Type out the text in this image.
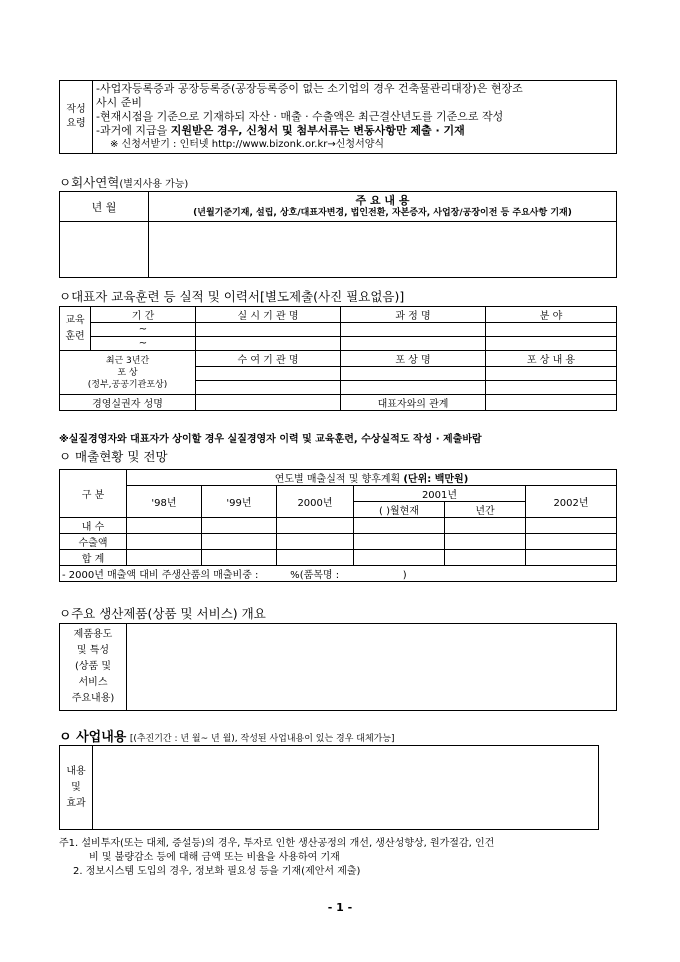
작성
요령	
-사업자등록증과 공장등록증(공장등록증이 없는 소기업의 경우 건축물관리대장)은 현장조
사시 준비
-현재시점을 기준으로 기재하되 자산 · 매출 · 수출액은 최근결산년도를 기준으로 작성
-과거에 지급을 지원받은 경우, 신청서 및 첨부서류는 변동사항만 제출 · 기재
※ 신청서받기 : 인터넷 http://www.bizonk.or.kr→신청서양식
ㅇ회사연혁(별지사용 가능)
년 월	주 요 내 용
(년월기준기재, 설립, 상호/대표자변경, 법인전환, 자본증자, 사업장/공장이전 등 주요사항 기재)

ㅇ대표자 교육훈련 등 실적 및 이력서[별도제출(사진 필요없음)]
교육
훈련	기 간	실 시 기 관 명	과 정 명	분 야
	~			
	~			

최근 3년간
포 상
(정부,공공기관포상)		수 여 기 관 명	포 상 명	포 상 내 용

경영실권자 성명			대표자와의 관계	
※실질경영자와 대표자가 상이할 경우 실질경영자 이력 및 교육훈련, 수상실적도 작성 · 제출바람
ㅇ 매출현황 및 전망
구 분	연도별 매출실적 및 향후계획 (단위: 백만원)					
	'98년	'99년	2000년	2001년		2002년
				( )월현재	년간	
내 수						
수출액						
합 계						
- 2000년 매출액 대비 주생산품의 매출비중 :          %(품목명 :                    )						
ㅇ주요 생산제품(상품 및 서비스) 개요
제품용도
및 특성
(상품 및
서비스
주요내용)	
ㅇ 사업내용 [(추진기간 : 년 월~ 년 월), 작성된 사업내용이 있는 경우 대체가능]
내용
및
효과	
주1. 설비투자(또는 대체, 증설등)의 경우, 투자로 인한 생산공정의 개선, 생산성향상, 원가절감, 인건
비 및 불량감소 등에 대해 금액 또는 비율을 사용하여 기재
2. 정보시스템 도입의 경우, 정보화 필요성 등을 기재(제안서 제출)
- 1 -
